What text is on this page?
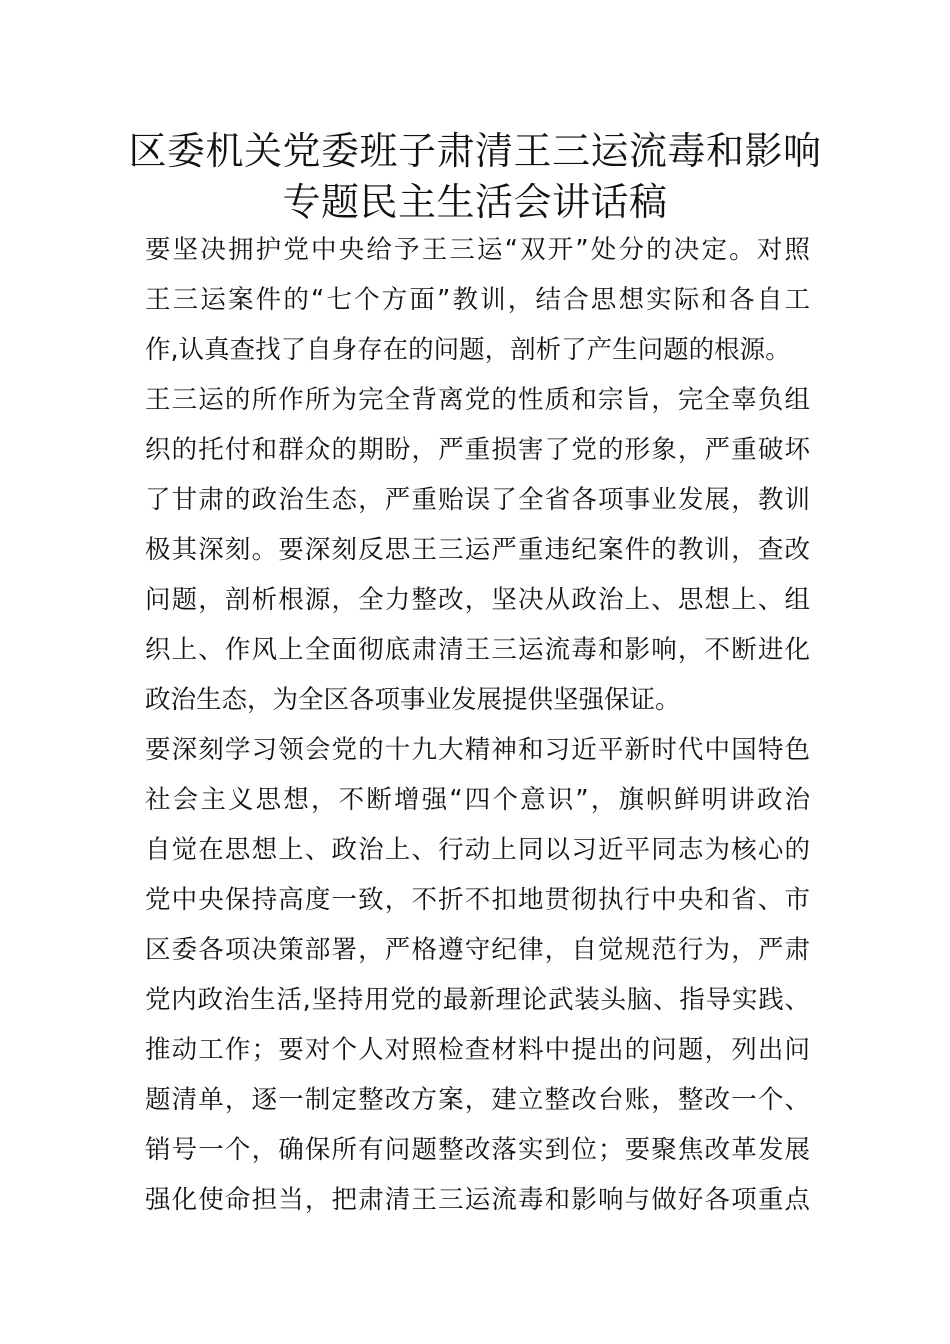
区委机关党委班子肃清王三运流毒和影响
专题民主生活会讲话稿
要坚决拥护党中央给予王三运“双开”处分的决定。对照
王三运案件的“七个方面”教训，结合思想实际和各自工
作,认真查找了自身存在的问题，剖析了产生问题的根源。
王三运的所作所为完全背离党的性质和宗旨，完全辜负组
织的托付和群众的期盼，严重损害了党的形象，严重破坏
了甘肃的政治生态，严重贻误了全省各项事业发展，教训
极其深刻。要深刻反思王三运严重违纪案件的教训，查改
问题，剖析根源，全力整改，坚决从政治上、思想上、组
织上、作风上全面彻底肃清王三运流毒和影响，不断进化
政治生态，为全区各项事业发展提供坚强保证。
要深刻学习领会党的十九大精神和习近平新时代中国特色
社会主义思想，不断增强“四个意识”，旗帜鲜明讲政治
自觉在思想上、政治上、行动上同以习近平同志为核心的
党中央保持高度一致，不折不扣地贯彻执行中央和省、市
区委各项决策部署，严格遵守纪律，自觉规范行为，严肃
党内政治生活,坚持用党的最新理论武装头脑、指导实践、
推动工作；要对个人对照检查材料中提出的问题，列出问
题清单，逐一制定整改方案，建立整改台账，整改一个、
销号一个，确保所有问题整改落实到位；要聚焦改革发展
强化使命担当，把肃清王三运流毒和影响与做好各项重点
